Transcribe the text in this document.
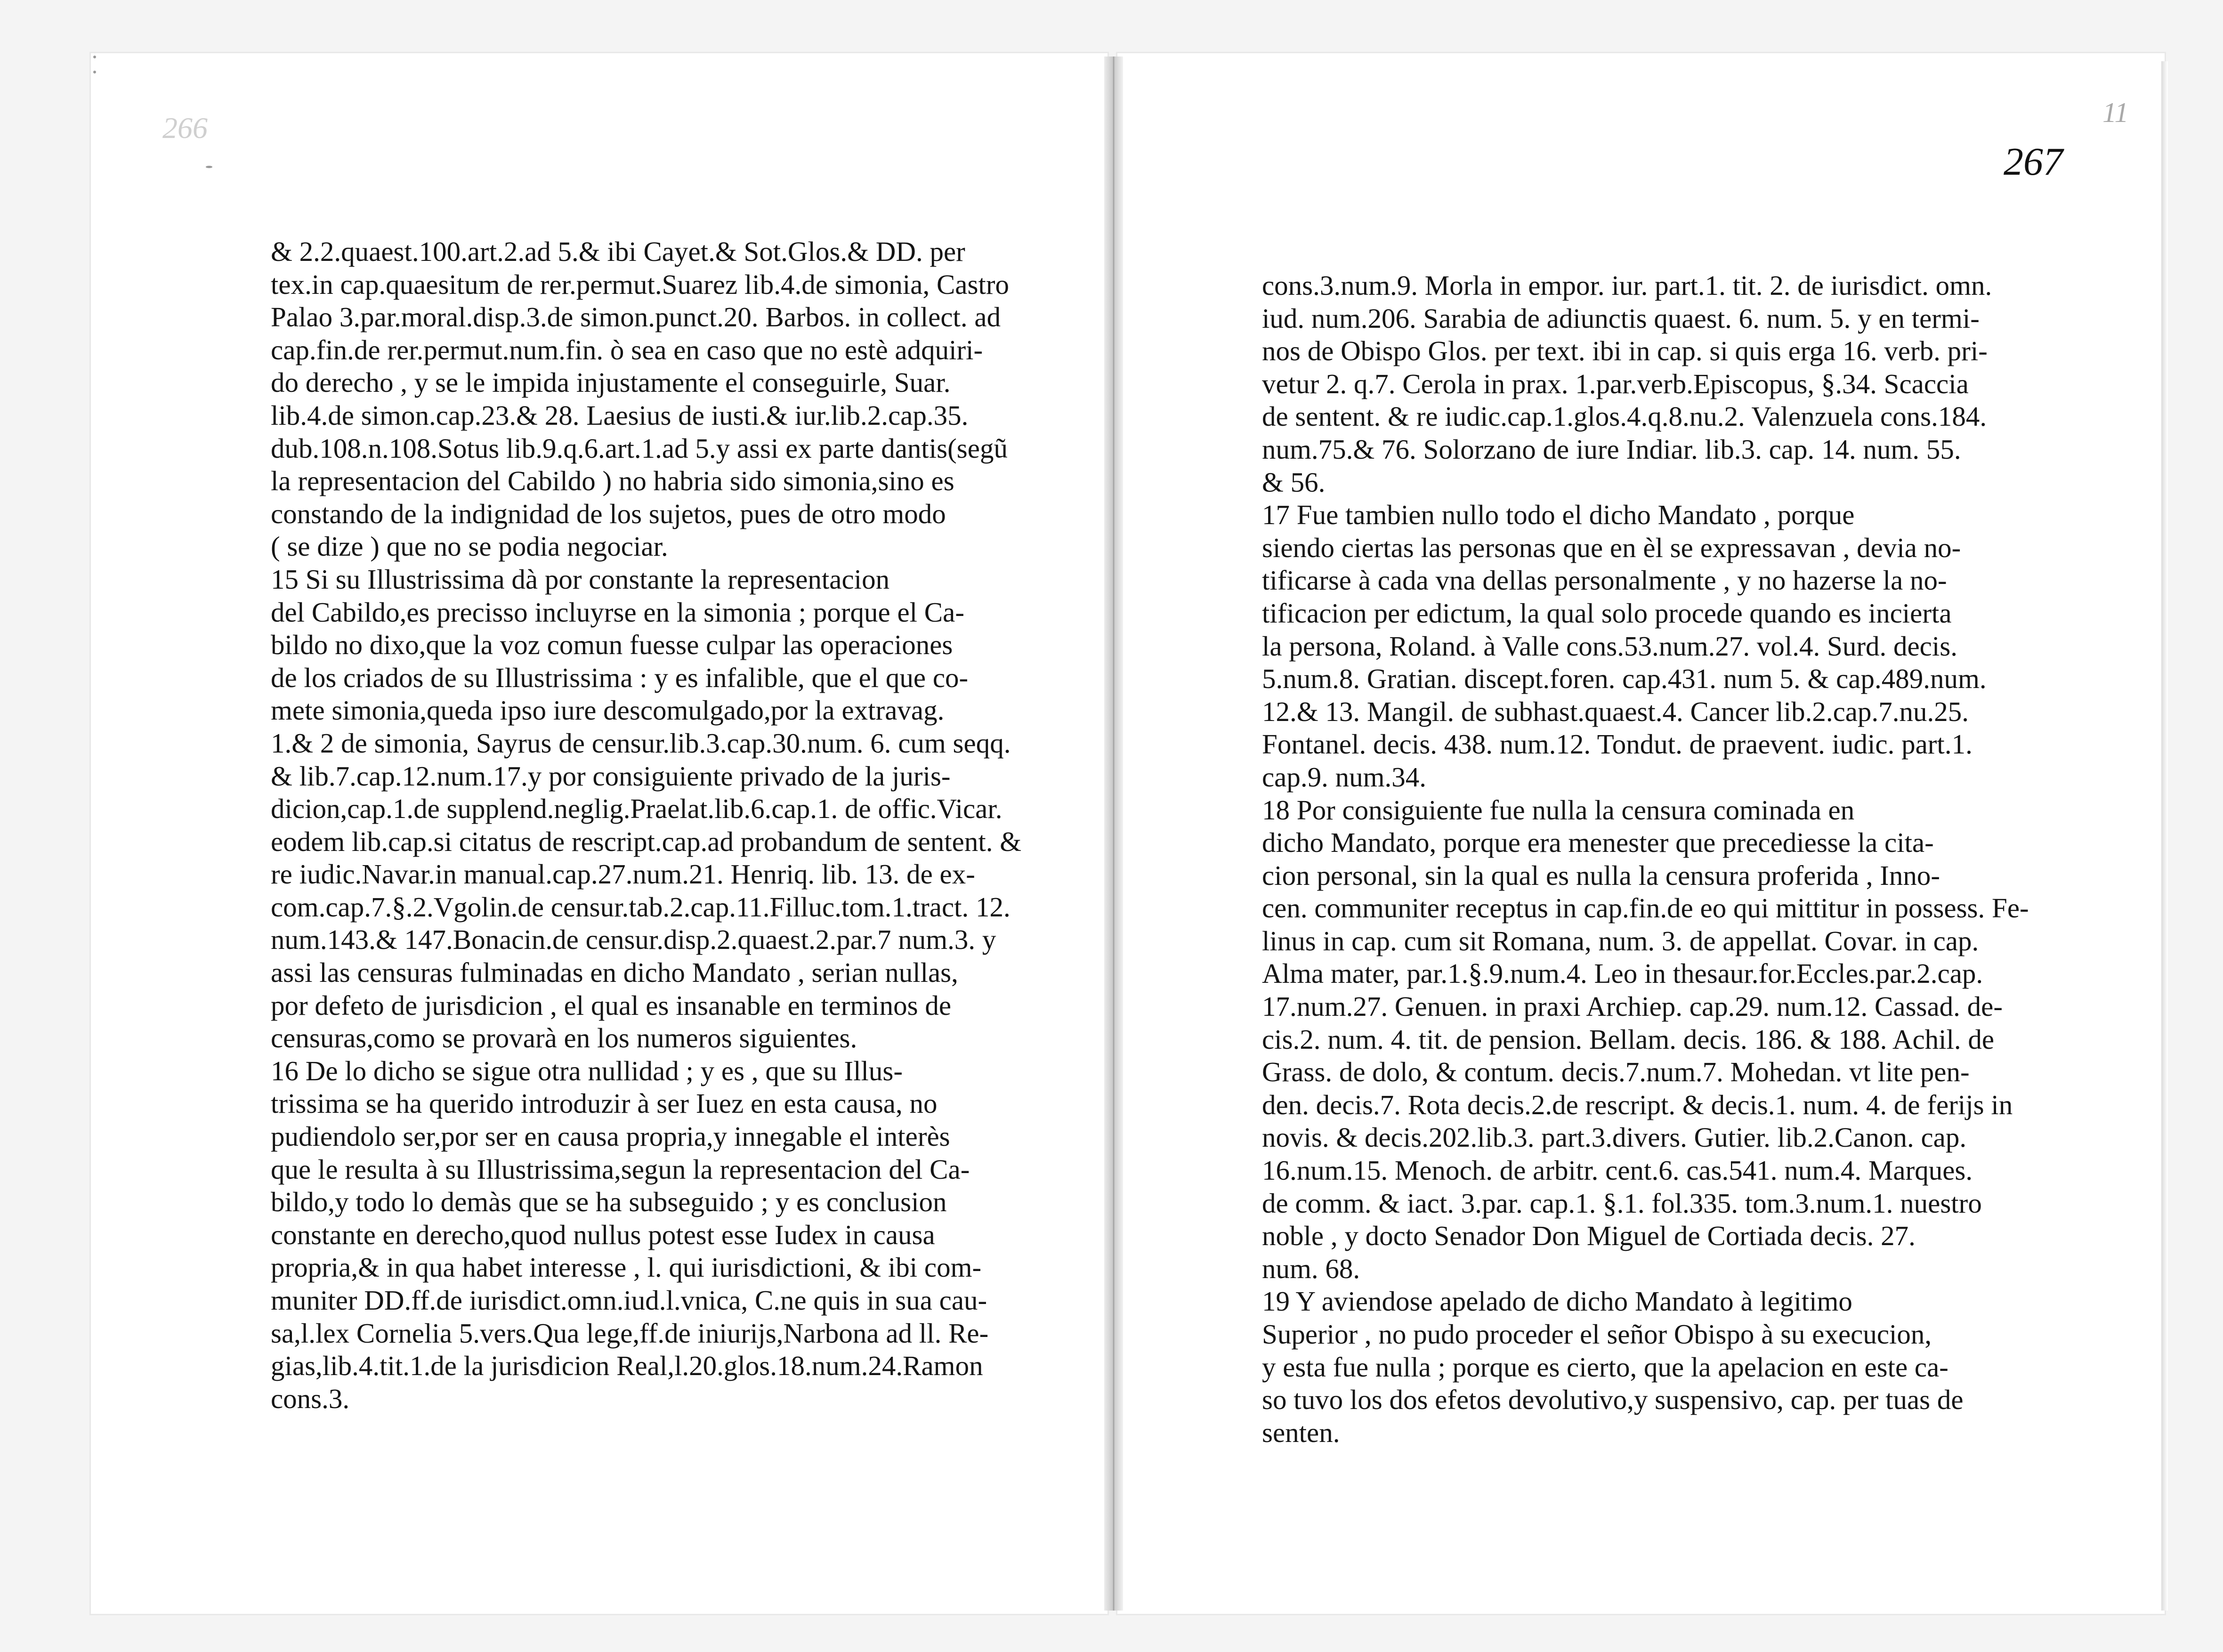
266
267
11
& 2.2.quaest.100.art.2.ad 5.& ibi Cayet.& Sot.Glos.& DD. per
tex.in cap.quaesitum de rer.permut.Suarez lib.4.de simonia, Castro
Palao 3.par.moral.disp.3.de simon.punct.20. Barbos. in collect. ad
cap.fin.de rer.permut.num.fin. ò sea en caso que no estè adquiri-
do derecho , y se le impida injustamente el conseguirle, Suar.
lib.4.de simon.cap.23.& 28. Laesius de iusti.& iur.lib.2.cap.35.
dub.108.n.108.Sotus lib.9.q.6.art.1.ad 5.y assi ex parte dantis(segũ
la representacion del Cabildo ) no habria sido simonia,sino es
constando de la indignidad de los sujetos, pues de otro modo
( se dize ) que no se podia negociar.
15 Si su Illustrissima dà por constante la representacion
del Cabildo,es precisso incluyrse en la simonia ; porque el Ca-
bildo no dixo,que la voz comun fuesse culpar las operaciones
de los criados de su Illustrissima : y es infalible, que el que co-
mete simonia,queda ipso iure descomulgado,por la extravag.
1.& 2 de simonia, Sayrus de censur.lib.3.cap.30.num. 6. cum seqq.
& lib.7.cap.12.num.17.y por consiguiente privado de la juris-
dicion,cap.1.de supplend.neglig.Praelat.lib.6.cap.1. de offic.Vicar.
eodem lib.cap.si citatus de rescript.cap.ad probandum de sentent. &
re iudic.Navar.in manual.cap.27.num.21. Henriq. lib. 13. de ex-
com.cap.7.§.2.Vgolin.de censur.tab.2.cap.11.Filluc.tom.1.tract. 12.
num.143.& 147.Bonacin.de censur.disp.2.quaest.2.par.7 num.3. y
assi las censuras fulminadas en dicho Mandato , serian nullas,
por defeto de jurisdicion , el qual es insanable en terminos de
censuras,como se provarà en los numeros siguientes.
16 De lo dicho se sigue otra nullidad ; y es , que su Illus-
trissima se ha querido introduzir à ser Iuez en esta causa, no
pudiendolo ser,por ser en causa propria,y innegable el interès
que le resulta à su Illustrissima,segun la representacion del Ca-
bildo,y todo lo demàs que se ha subseguido ; y es conclusion
constante en derecho,quod nullus potest esse Iudex in causa
propria,& in qua habet interesse , l. qui iurisdictioni, & ibi com-
muniter DD.ff.de iurisdict.omn.iud.l.vnica, C.ne quis in sua cau-
sa,l.lex Cornelia 5.vers.Qua lege,ff.de iniurijs,Narbona ad ll. Re-
gias,lib.4.tit.1.de la jurisdicion Real,l.20.glos.18.num.24.Ramon
cons.3.
cons.3.num.9. Morla in empor. iur. part.1. tit. 2. de iurisdict. omn.
iud. num.206. Sarabia de adiunctis quaest. 6. num. 5. y en termi-
nos de Obispo Glos. per text. ibi in cap. si quis erga 16. verb. pri-
vetur 2. q.7. Cerola in prax. 1.par.verb.Episcopus, §.34. Scaccia
de sentent. & re iudic.cap.1.glos.4.q.8.nu.2. Valenzuela cons.184.
num.75.& 76. Solorzano de iure Indiar. lib.3. cap. 14. num. 55.
& 56.
17 Fue tambien nullo todo el dicho Mandato , porque
siendo ciertas las personas que en èl se expressavan , devia no-
tificarse à cada vna dellas personalmente , y no hazerse la no-
tificacion per edictum, la qual solo procede quando es incierta
la persona, Roland. à Valle cons.53.num.27. vol.4. Surd. decis.
5.num.8. Gratian. discept.foren. cap.431. num 5. & cap.489.num.
12.& 13. Mangil. de subhast.quaest.4. Cancer lib.2.cap.7.nu.25.
Fontanel. decis. 438. num.12. Tondut. de praevent. iudic. part.1.
cap.9. num.34.
18 Por consiguiente fue nulla la censura cominada en
dicho Mandato, porque era menester que precediesse la cita-
cion personal, sin la qual es nulla la censura proferida , Inno-
cen. communiter receptus in cap.fin.de eo qui mittitur in possess. Fe-
linus in cap. cum sit Romana, num. 3. de appellat. Covar. in cap.
Alma mater, par.1.§.9.num.4. Leo in thesaur.for.Eccles.par.2.cap.
17.num.27. Genuen. in praxi Archiep. cap.29. num.12. Cassad. de-
cis.2. num. 4. tit. de pension. Bellam. decis. 186. & 188. Achil. de
Grass. de dolo, & contum. decis.7.num.7. Mohedan. vt lite pen-
den. decis.7. Rota decis.2.de rescript. & decis.1. num. 4. de ferijs in
novis. & decis.202.lib.3. part.3.divers. Gutier. lib.2.Canon. cap.
16.num.15. Menoch. de arbitr. cent.6. cas.541. num.4. Marques.
de comm. & iact. 3.par. cap.1. §.1. fol.335. tom.3.num.1. nuestro
noble , y docto Senador Don Miguel de Cortiada decis. 27.
num. 68.
19 Y aviendose apelado de dicho Mandato à legitimo
Superior , no pudo proceder el señor Obispo à su execucion,
y esta fue nulla ; porque es cierto, que la apelacion en este ca-
so tuvo los dos efetos devolutivo,y suspensivo, cap. per tuas de
senten.
